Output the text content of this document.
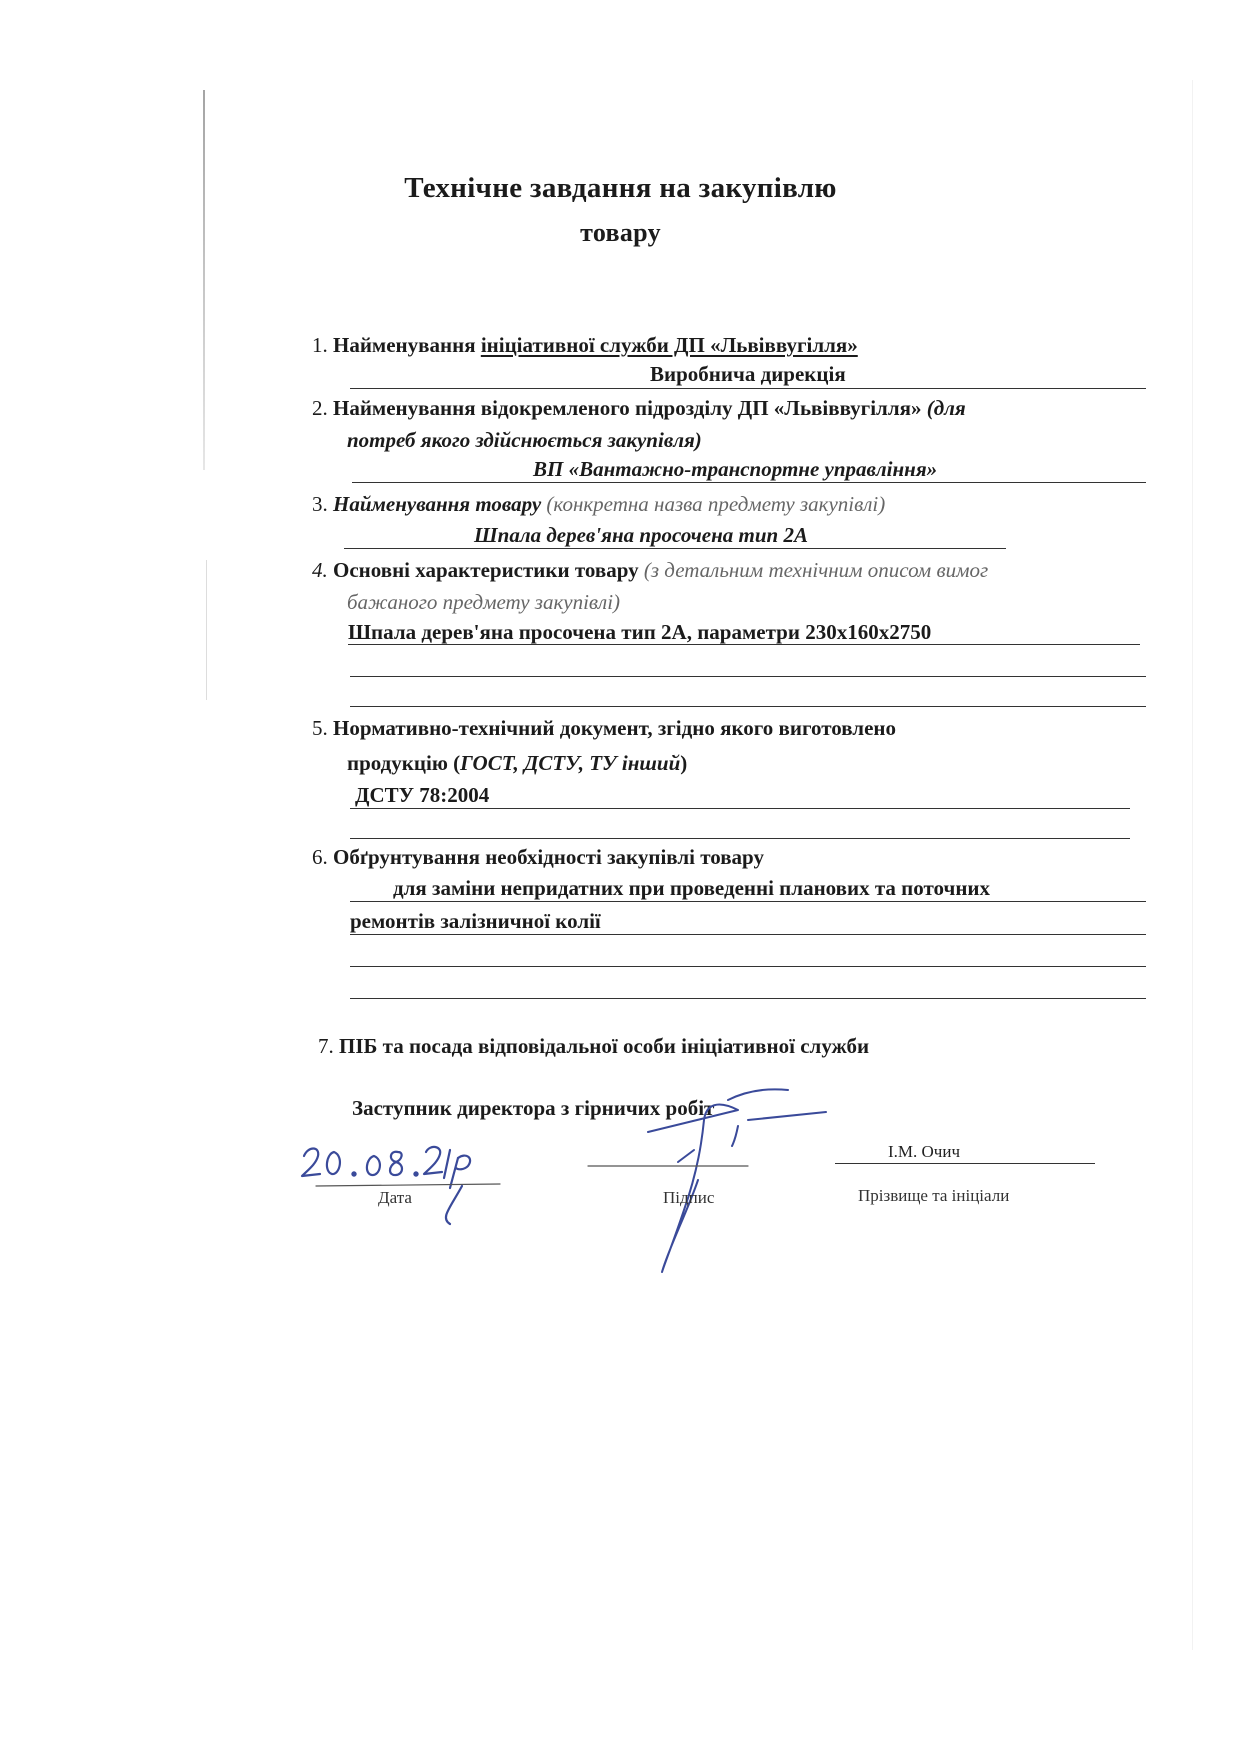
Технічне завдання на закупівлю
товару
1. Найменування ініціативної служби ДП «Львіввугілля»
Виробнича дирекція
2. Найменування відокремленого підрозділу ДП «Львіввугілля» (для
потреб якого здійснюється закупівля)
ВП «Вантажно-транспортне управління»
3. Найменування товару (конкретна назва предмету закупівлі)
Шпала дерев'яна просочена тип 2А
4. Основні характеристики товару (з детальним технічним описом вимог
бажаного предмету закупівлі)
Шпала дерев'яна просочена тип 2А, параметри 230х160х2750
5. Нормативно-технічний документ, згідно якого виготовлено
продукцію (ГОСТ, ДСТУ, ТУ інший)
ДСТУ 78:2004
6. Обґрунтування необхідності закупівлі товару
для заміни непридатних при проведенні планових та поточних
ремонтів залізничної колії
7. ПІБ та посада відповідальної особи ініціативної служби
Заступник директора з гірничих робіт
І.М. Очич
Дата	Підпис	Прізвище та ініціали
